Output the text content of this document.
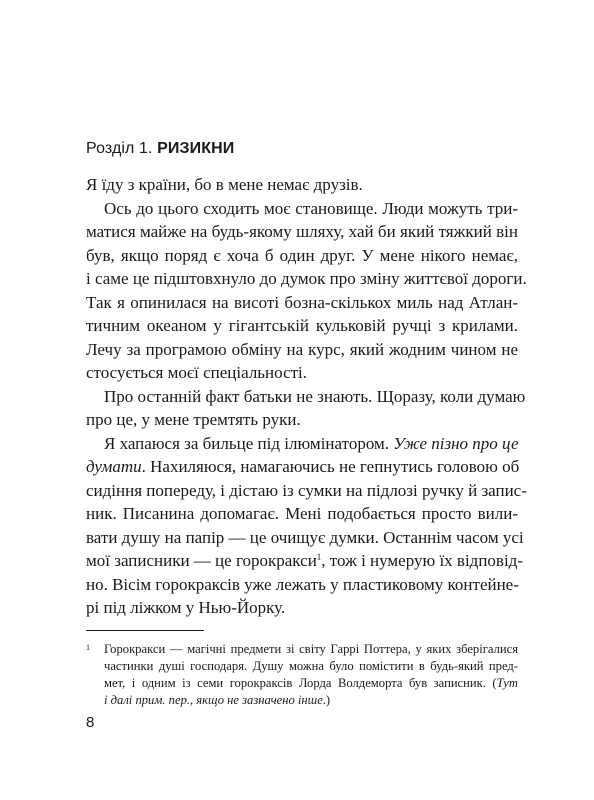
Розділ 1. РИЗИКНИ
Я їду з країни, бо в мене немає друзів.
Ось до цього сходить моє становище. Люди можуть три-
матися майже на будь-якому шляху, хай би який тяжкий він
був, якщо поряд є хоча б один друг. У мене нікого немає,
і саме це підштовхнуло до думок про зміну життєвої дороги.
Так я опинилася на висоті бозна-скількох миль над Атлан-
тичним океаном у гігантській кульковій ручці з крилами.
Лечу за програмою обміну на курс, який жодним чином не
стосується моєї спеціальності.
Про останній факт батьки не знають. Щоразу, коли думаю
про це, у мене тремтять руки.
Я хапаюся за бильце під ілюмінатором. Уже пізно про це
думати. Нахиляюся, намагаючись не гепнутись головою об
сидіння попереду, і дістаю із сумки на підлозі ручку й запис-
ник. Писанина допомагає. Мені подобається просто вили-
вати душу на папір — це очищує думки. Останнім часом усі
мої записники — це горокракси$^1$, тож і нумерую їх відповід-
но. Вісім горокраксів уже лежать у пластиковому контейне-
рі під ліжком у Нью-Йорку.
1 Горокракси — магічні предмети зі світу Гаррі Поттера, у яких зберігалися
частинки душі господаря. Душу можна було помістити в будь-який пред-
мет, і одним із семи горокраксів Лорда Волдеморта був записник. (Тут
і далі прим. пер., якщо не зазначено інше.)
8
